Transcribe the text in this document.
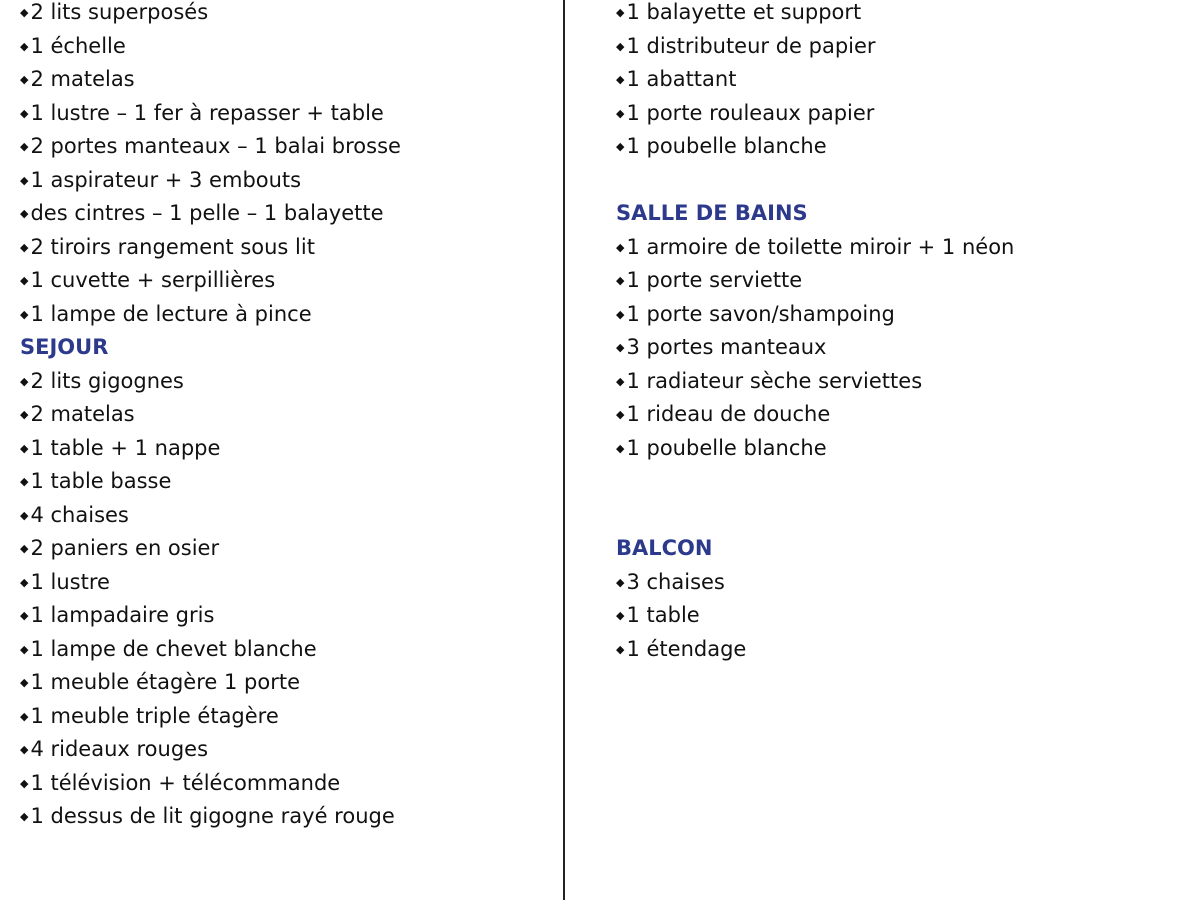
◆2 lits superposés
◆1 échelle
◆2 matelas
◆1 lustre – 1 fer à repasser + table
◆2 portes manteaux – 1 balai brosse
◆1 aspirateur + 3 embouts
◆des cintres – 1 pelle – 1 balayette
◆2 tiroirs rangement sous lit
◆1 cuvette + serpillières
◆1 lampe de lecture à pince
SEJOUR
◆2 lits gigognes
◆2 matelas
◆1 table + 1 nappe
◆1 table basse
◆4 chaises
◆2 paniers en osier
◆1 lustre
◆1 lampadaire gris
◆1 lampe de chevet blanche
◆1 meuble étagère 1 porte
◆1 meuble triple étagère
◆4 rideaux rouges
◆1 télévision + télécommande
◆1 dessus de lit gigogne rayé rouge
◆1 balayette et support
◆1 distributeur de papier
◆1 abattant
◆1 porte rouleaux papier
◆1 poubelle blanche
SALLE DE BAINS
◆1 armoire de toilette miroir + 1 néon
◆1 porte serviette
◆1 porte savon/shampoing
◆3 portes manteaux
◆1 radiateur sèche serviettes
◆1 rideau de douche
◆1 poubelle blanche
BALCON
◆3 chaises
◆1 table
◆1 étendage
